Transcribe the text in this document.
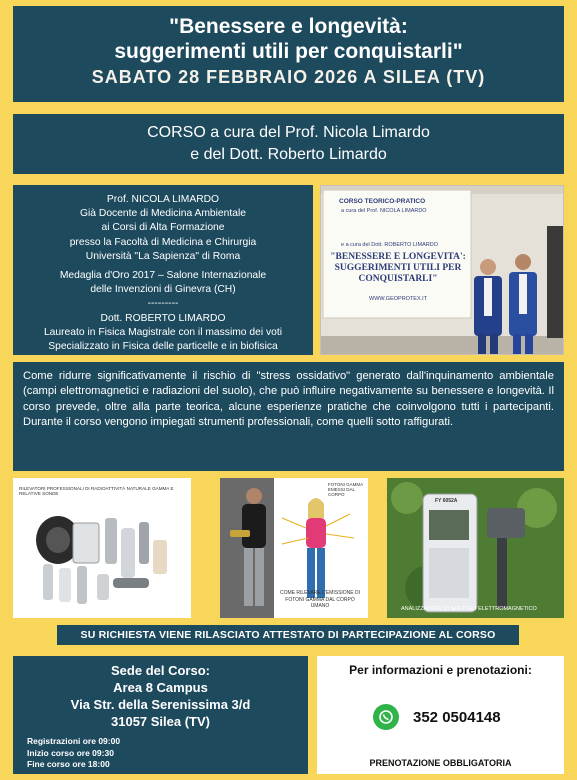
"Benessere e longevità:
suggerimenti utili per conquistarli"
SABATO 28 FEBBRAIO 2026 A SILEA (TV)
CORSO a cura del Prof. Nicola Limardo
e del Dott. Roberto Limardo
Prof. NICOLA LIMARDO
Già Docente di Medicina Ambientale
ai Corsi di Alta Formazione
presso la Facoltà di Medicina e Chirurgia
Università "La Sapienza" di Roma
Medaglia d'Oro 2017 – Salone Internazionale
delle Invenzioni di Ginevra (CH)
---------
Dott. ROBERTO LIMARDO
Laureato in Fisica Magistrale con il massimo dei voti
Specializzato in Fisica delle particelle e in biofisica
CORSO TEORICO-PRATICO
a cura del Prof. NICOLA LIMARDO
e a cura del Dott. ROBERTO LIMARDO
"BENESSERE E LONGEVITA': SUGGERIMENTI UTILI PER CONQUISTARLI"
WWW.GEOPROTEX.IT
Come ridurre significativamente il rischio di "stress ossidativo" generato dall'inquinamento ambientale (campi elettromagnetici e radiazioni del suolo), che può influire negativamente su benessere e longevità. Il corso prevede, oltre alla parte teorica, alcune esperienze pratiche che coinvolgono tutti i partecipanti. Durante il corso vengono impiegati strumenti professionali, come quelli sotto raffigurati.
RILEVATORI PROFESSIONALI DI RADIOATTIVITÀ NATURALE GAMMA E RELATIVE SONDE
FOTONI GAMMA EMESSI DAL CORPO
COME RILEVARE L'EMISSIONE DI FOTONI GAMMA DAL CORPO UMANO
FY 6052A
ANALIZZATORE DI SPETTRO ELETTROMAGNETICO
SU RICHIESTA VIENE RILASCIATO ATTESTATO DI PARTECIPAZIONE AL CORSO
Sede del Corso:
Area 8 Campus
Via Str. della Serenissima 3/d
31057 Silea (TV)
Registrazioni ore 09:00
Inizio corso ore 09:30
Fine corso ore 18:00
Per informazioni e prenotazioni:
352 0504148
PRENOTAZIONE OBBLIGATORIA
